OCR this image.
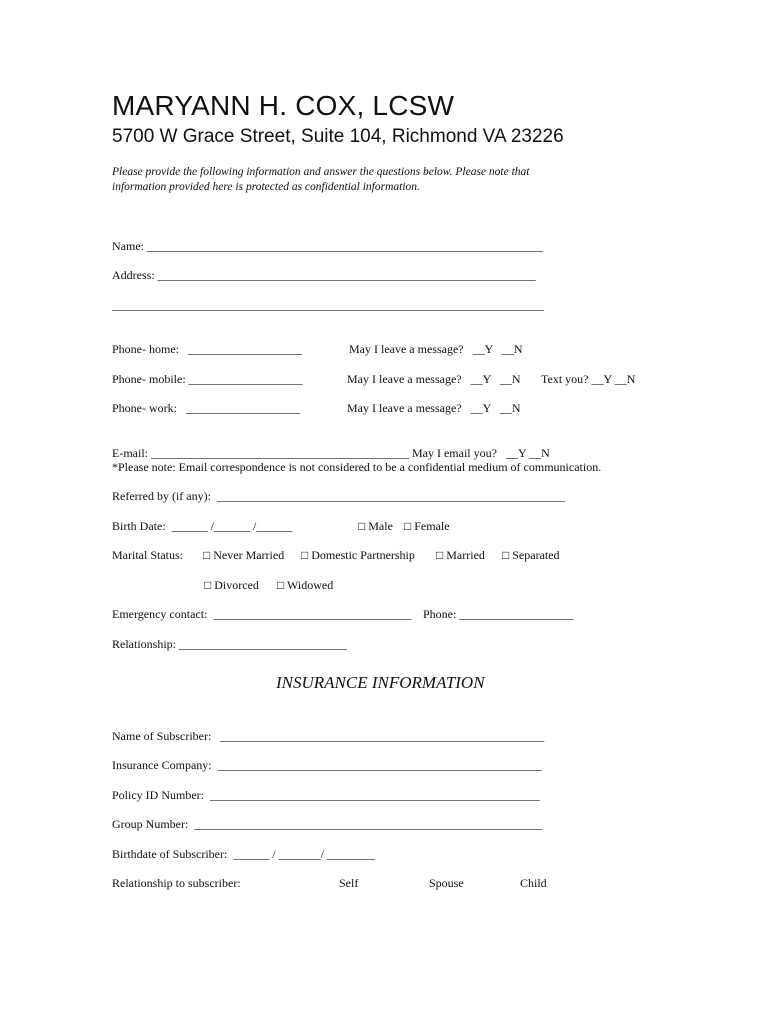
MARYANN H. COX, LCSW
5700 W Grace Street, Suite 104, Richmond VA 23226
Please provide the following information and answer the questions below. Please note that
information provided here is protected as confidential information.
Name: __________________________________________________________________
Address: _______________________________________________________________
________________________________________________________________________
Phone- home:   ___________________	May I leave a message?   __Y   __N
Phone- mobile: ___________________	May I leave a message?   __Y   __N Text you? __Y __N
Phone- work:   ___________________	May I leave a message?   __Y   __N
E-mail: ___________________________________________ May I email you?   __Y __N
*Please note: Email correspondence is not considered to be a confidential medium of communication.
Referred by (if any):  __________________________________________________________
Birth Date:  ______ /______ /______	□ Male □ Female
Marital Status: □ Never Married □ Domestic Partnership □ Married □ Separated
□ Divorced □ Widowed
Emergency contact:  _________________________________ Phone: ___________________
Relationship: ____________________________
INSURANCE INFORMATION
Name of Subscriber:   ______________________________________________________
Insurance Company:  ______________________________________________________
Policy ID Number:  _______________________________________________________
Group Number:  __________________________________________________________
Birthdate of Subscriber:  ______ / _______/ ________
Relationship to subscriber:	Self	Spouse	Child
